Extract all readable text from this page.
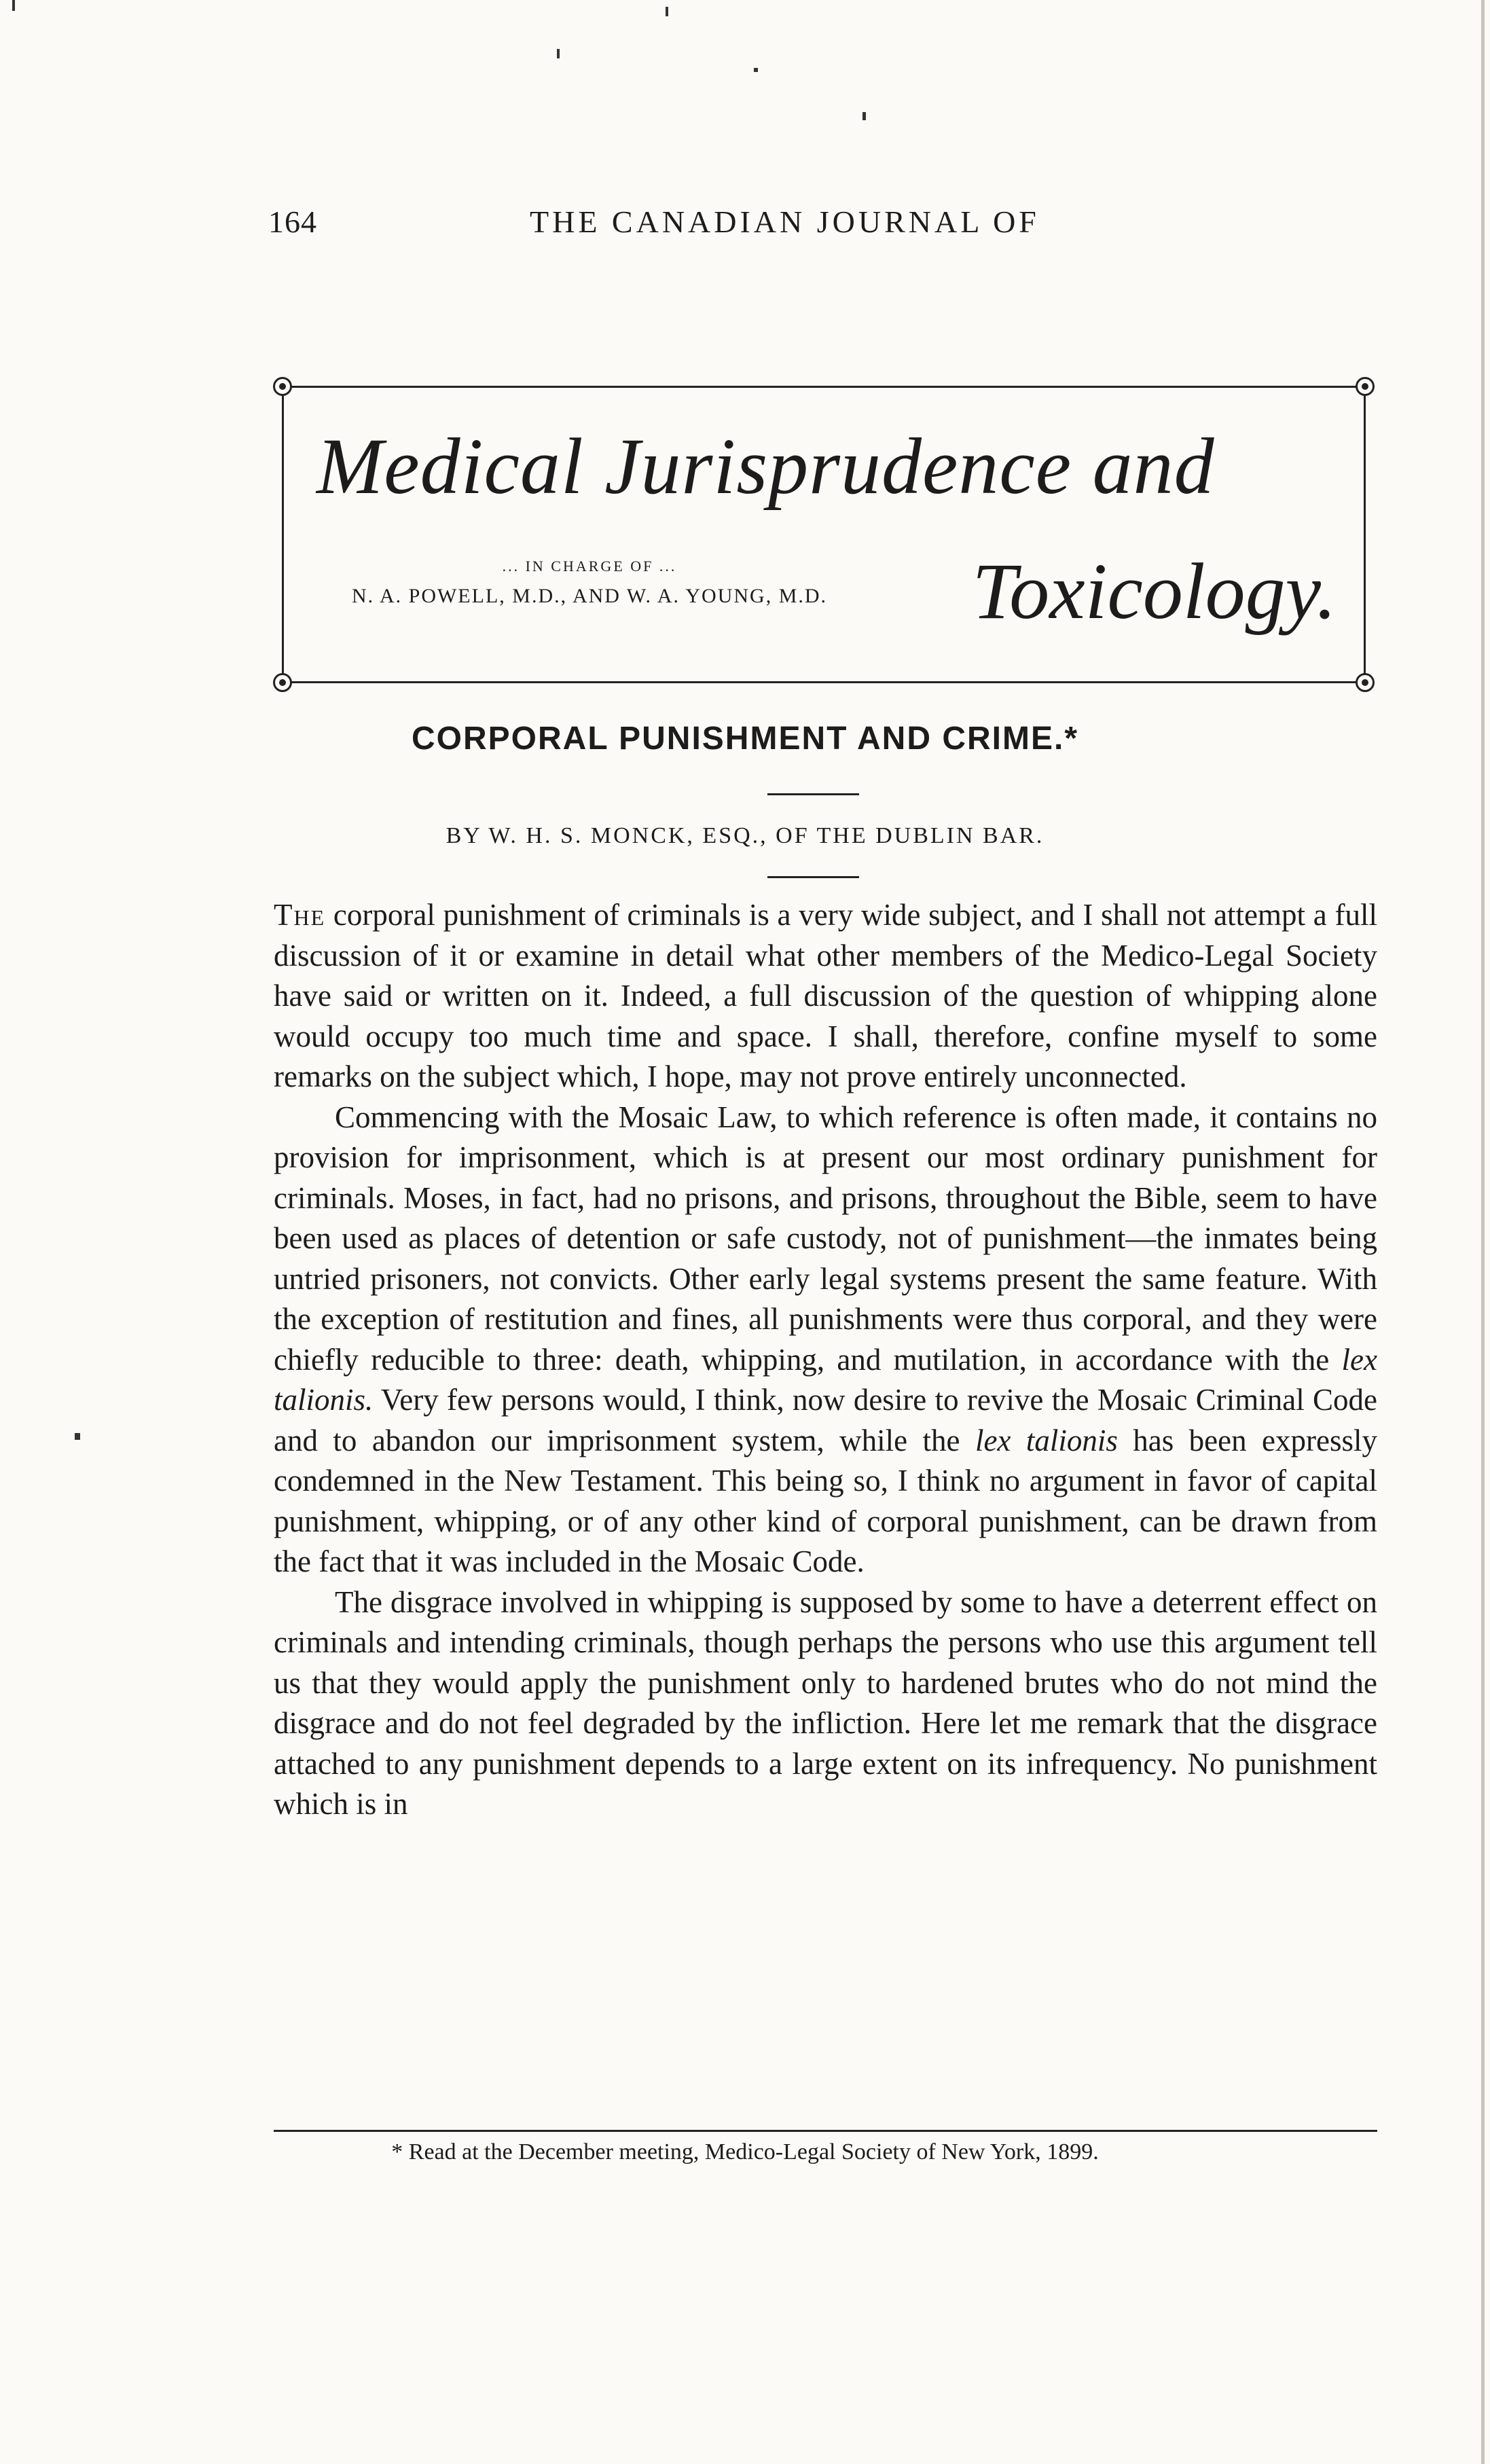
164	THE CANADIAN JOURNAL OF
Medical Jurisprudence and
... IN CHARGE OF ...
N. A. POWELL, M.D., AND W. A. YOUNG, M.D.	Toxicology.
CORPORAL PUNISHMENT AND CRIME.*
BY W. H. S. MONCK, ESQ., OF THE DUBLIN BAR.

The corporal punishment of criminals is a very wide subject, and I shall not attempt a full discussion of it or examine in detail what other members of the Medico-Legal Society have said or written on it. Indeed, a full discussion of the question of whipping alone would occupy too much time and space. I shall, therefore, confine myself to some remarks on the subject which, I hope, may not prove entirely unconnected.

Commencing with the Mosaic Law, to which reference is often made, it contains no provision for imprisonment, which is at present our most ordinary punishment for criminals. Moses, in fact, had no prisons, and prisons, throughout the Bible, seem to have been used as places of detention or safe custody, not of punishment—the inmates being untried prisoners, not convicts. Other early legal systems present the same feature. With the exception of restitution and fines, all punishments were thus corporal, and they were chiefly reducible to three: death, whipping, and mutilation, in accordance with the lex talionis. Very few persons would, I think, now desire to revive the Mosaic Criminal Code and to abandon our imprisonment system, while the lex talionis has been expressly condemned in the New Testament. This being so, I think no argument in favor of capital punishment, whipping, or of any other kind of corporal punishment, can be drawn from the fact that it was included in the Mosaic Code.

The disgrace involved in whipping is supposed by some to have a deterrent effect on criminals and intending criminals, though perhaps the persons who use this argument tell us that they would apply the punishment only to hardened brutes who do not mind the disgrace and do not feel degraded by the infliction. Here let me remark that the disgrace attached to any punishment depends to a large extent on its infrequency. No punishment which is in

* Read at the December meeting, Medico-Legal Society of New York, 1899.
